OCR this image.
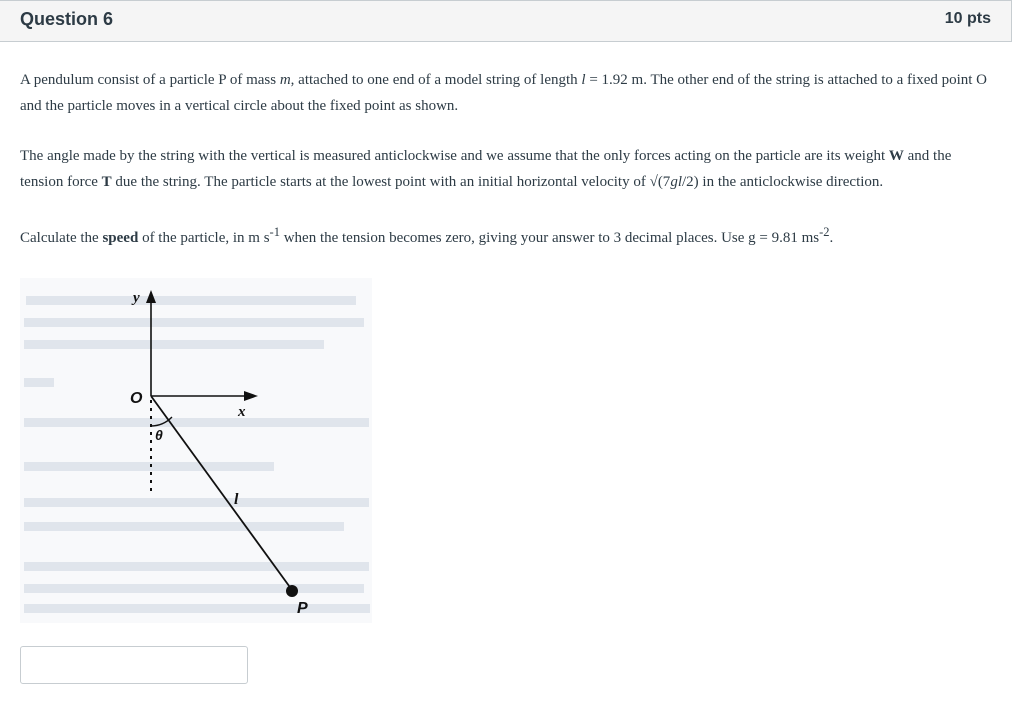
Question 6	10 pts

A pendulum consist of a particle P of mass m, attached to one end of a model string of length l = 1.92 m. The other end of the string is attached to a fixed point O and the particle moves in a vertical circle about the fixed point as shown.

The angle made by the string with the vertical is measured anticlockwise and we assume that the only forces acting on the particle are its weight W and the tension force T due the string. The particle starts at the lowest point with an initial horizontal velocity of √(7gl/2) in the anticlockwise direction.

Calculate the speed of the particle, in m $s^{-1}$ when the tension becomes zero, giving your answer to 3 decimal places. Use g = 9.81 $ms^{-2}$.

y
x
O
θ
l
P
